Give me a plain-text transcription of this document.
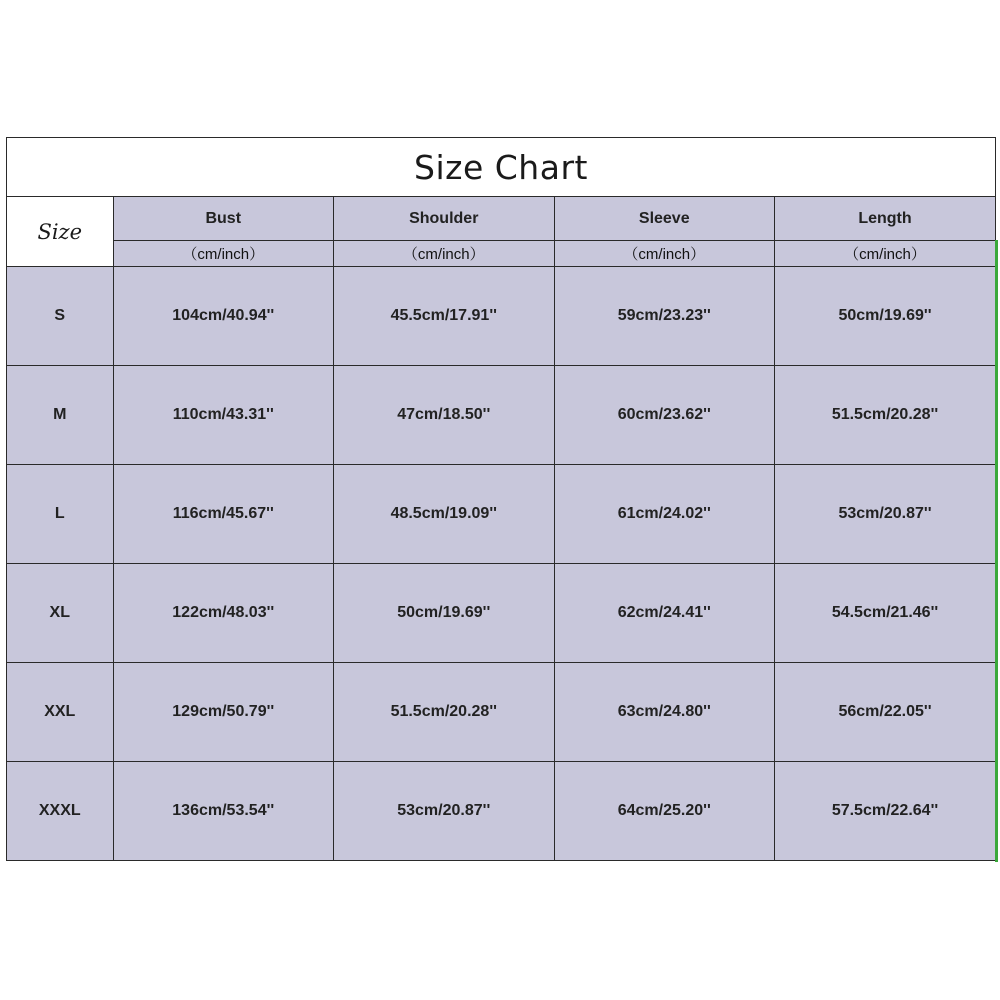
Size Chart
Size	Bust	Shoulder	Sleeve	Length
	（cm/inch）	（cm/inch）	（cm/inch）	（cm/inch）
S	104cm/40.94''	45.5cm/17.91''	59cm/23.23''	50cm/19.69''
M	110cm/43.31''	47cm/18.50''	60cm/23.62''	51.5cm/20.28''
L	116cm/45.67''	48.5cm/19.09''	61cm/24.02''	53cm/20.87''
XL	122cm/48.03''	50cm/19.69''	62cm/24.41''	54.5cm/21.46''
XXL	129cm/50.79''	51.5cm/20.28''	63cm/24.80''	56cm/22.05''
XXXL	136cm/53.54''	53cm/20.87''	64cm/25.20''	57.5cm/22.64''
